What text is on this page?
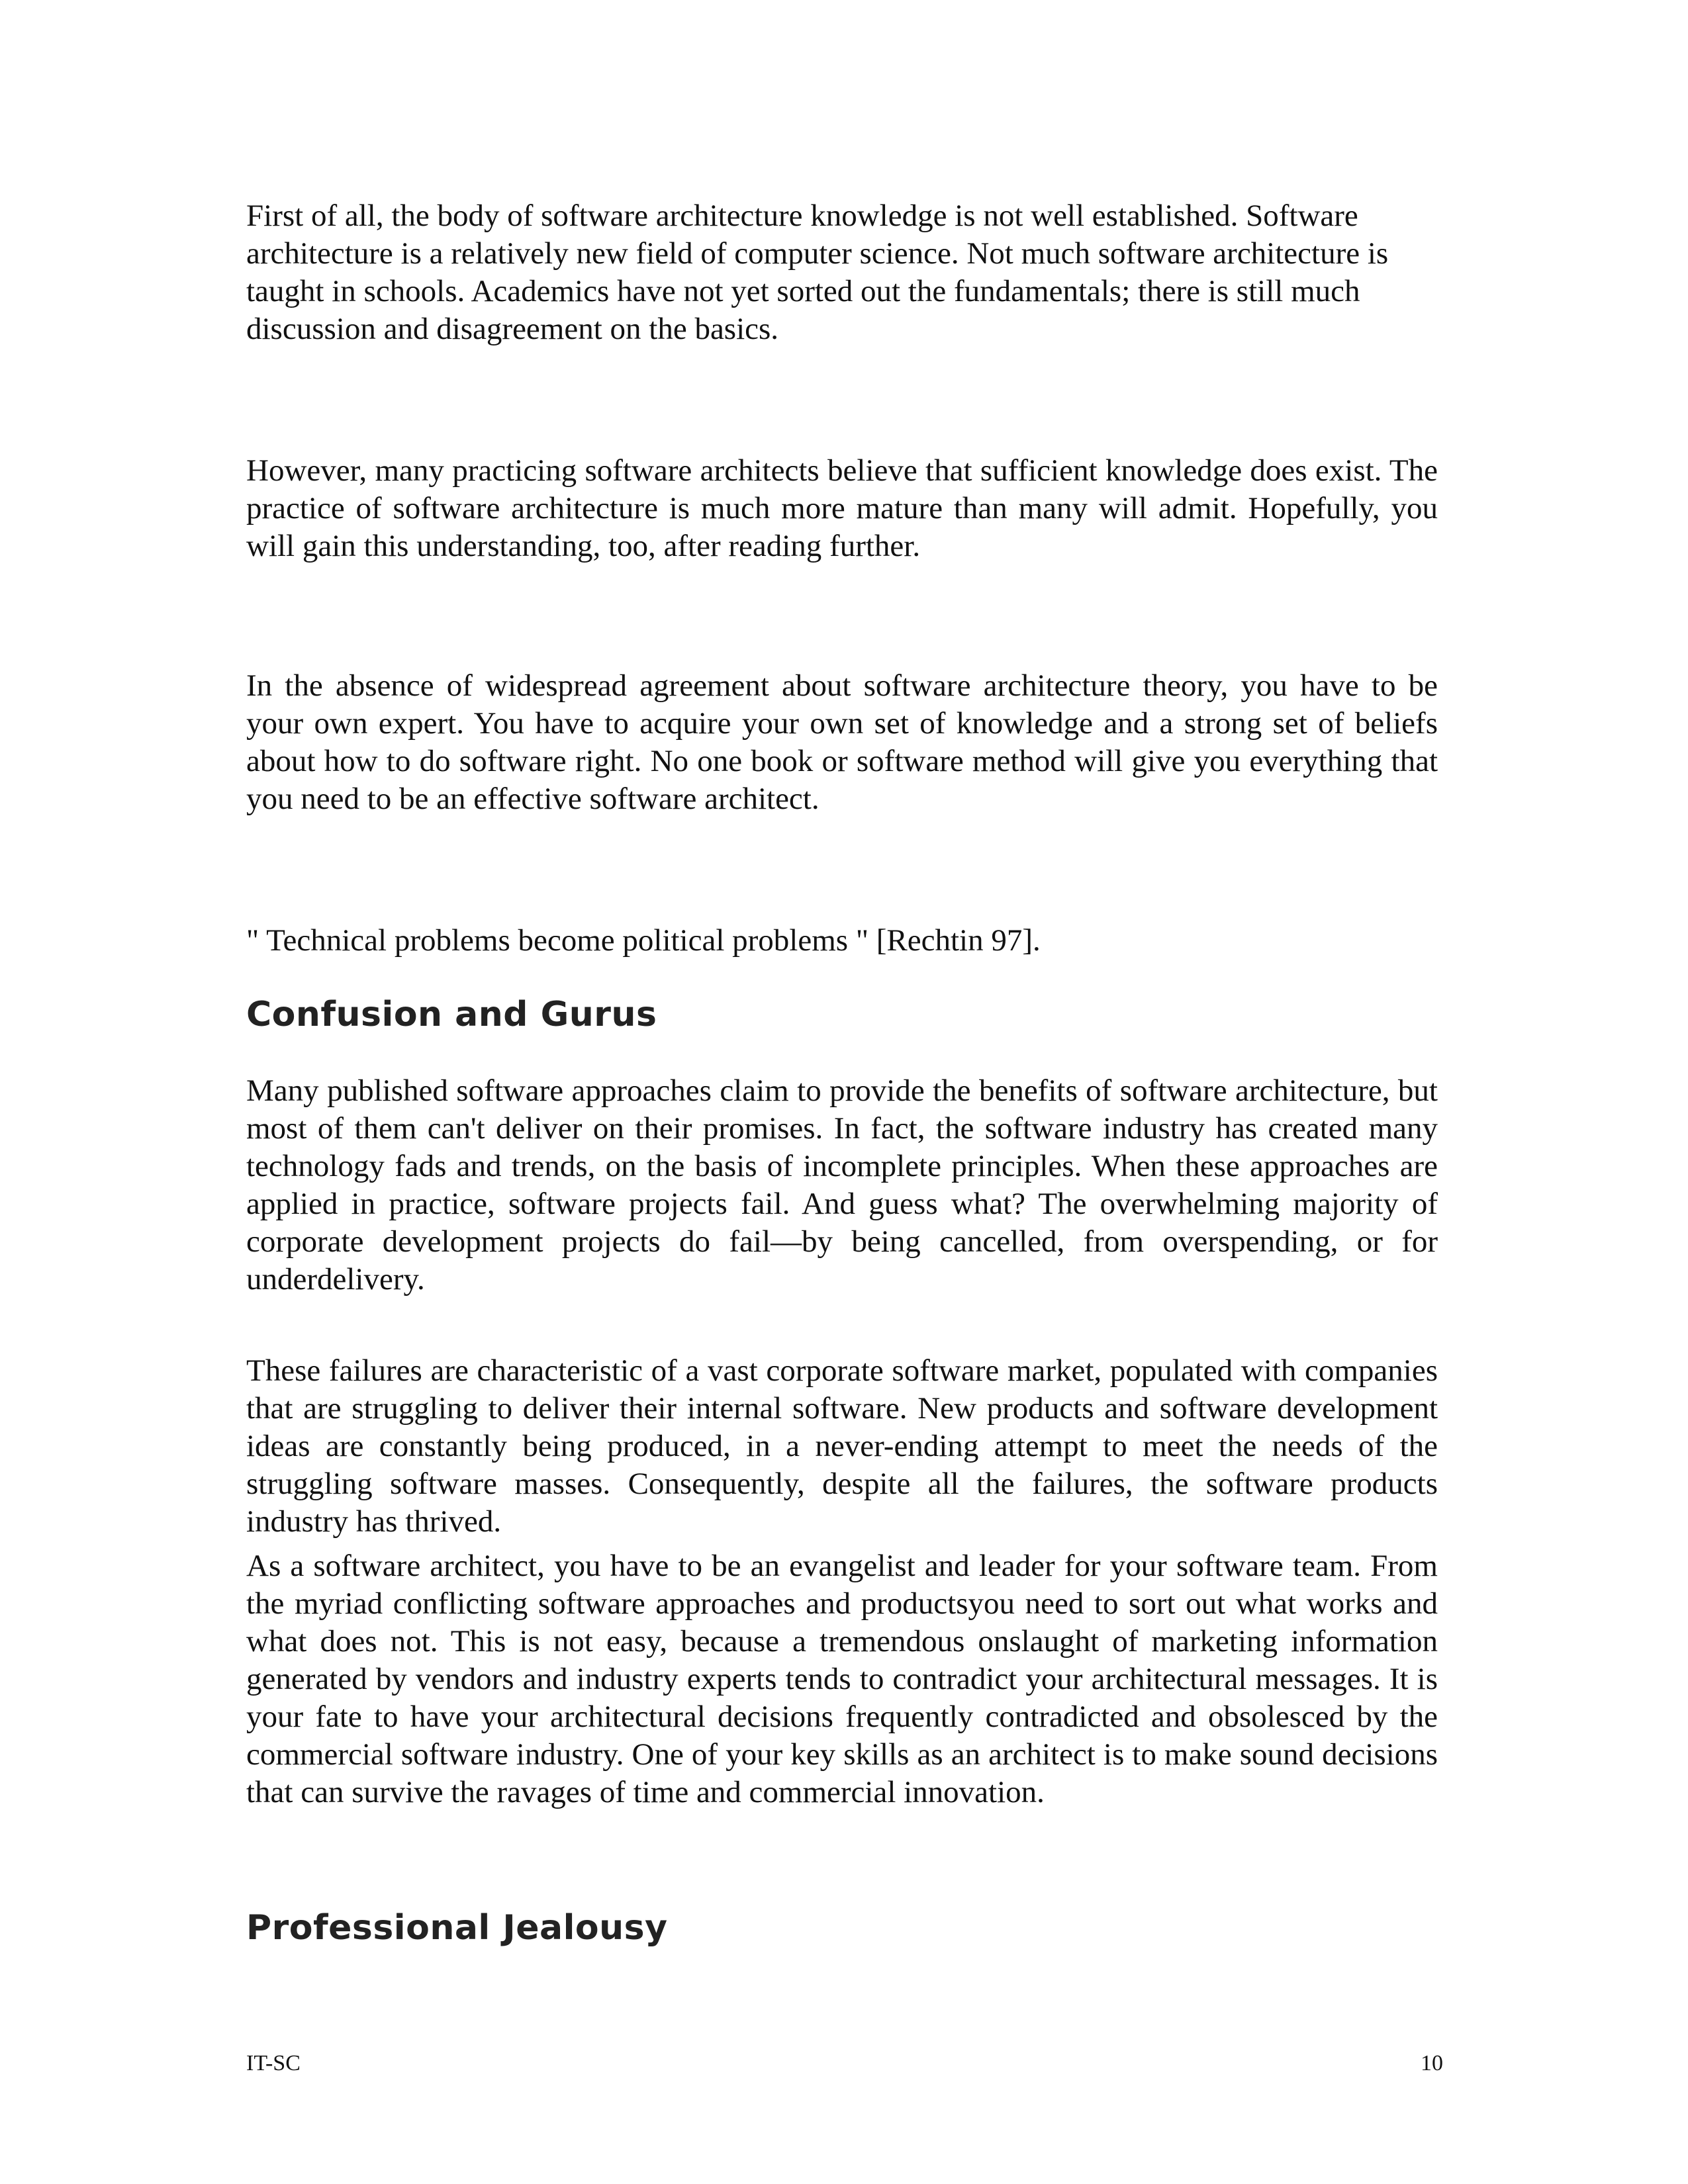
First of all, the body of software architecture knowledge is not well established. Software architecture is a relatively new field of computer science. Not much software architecture is taught in schools. Academics have not yet sorted out the fundamentals; there is still much discussion and disagreement on the basics.

However, many practicing software architects believe that sufficient knowledge does exist. The practice of software architecture is much more mature than many will admit. Hopefully, you will gain this understanding, too, after reading further.

In the absence of widespread agreement about software architecture theory, you have to be your own expert. You have to acquire your own set of knowledge and a strong set of beliefs about how to do software right. No one book or software method will give you everything that you need to be an effective software architect.

" Technical problems become political problems " [Rechtin 97].

Confusion and Gurus

Many published software approaches claim to provide the benefits of software architecture, but most of them can't deliver on their promises. In fact, the software industry has created many technology fads and trends, on the basis of incomplete principles. When these approaches are applied in practice, software projects fail. And guess what? The overwhelming majority of corporate development projects do fail—by being cancelled, from overspending, or for underdelivery.

These failures are characteristic of a vast corporate software market, populated with companies that are struggling to deliver their internal software. New products and software development ideas are constantly being produced, in a never-ending attempt to meet the needs of the struggling software masses. Consequently, despite all the failures, the software products industry has thrived.

As a software architect, you have to be an evangelist and leader for your software team. From the myriad conflicting software approaches and productsyou need to sort out what works and what does not. This is not easy, because a tremendous onslaught of marketing information generated by vendors and industry experts tends to contradict your architectural messages. It is your fate to have your architectural decisions frequently contradicted and obsolesced by the commercial software industry. One of your key skills as an architect is to make sound decisions that can survive the ravages of time and commercial innovation.

Professional Jealousy
IT-SC	10
